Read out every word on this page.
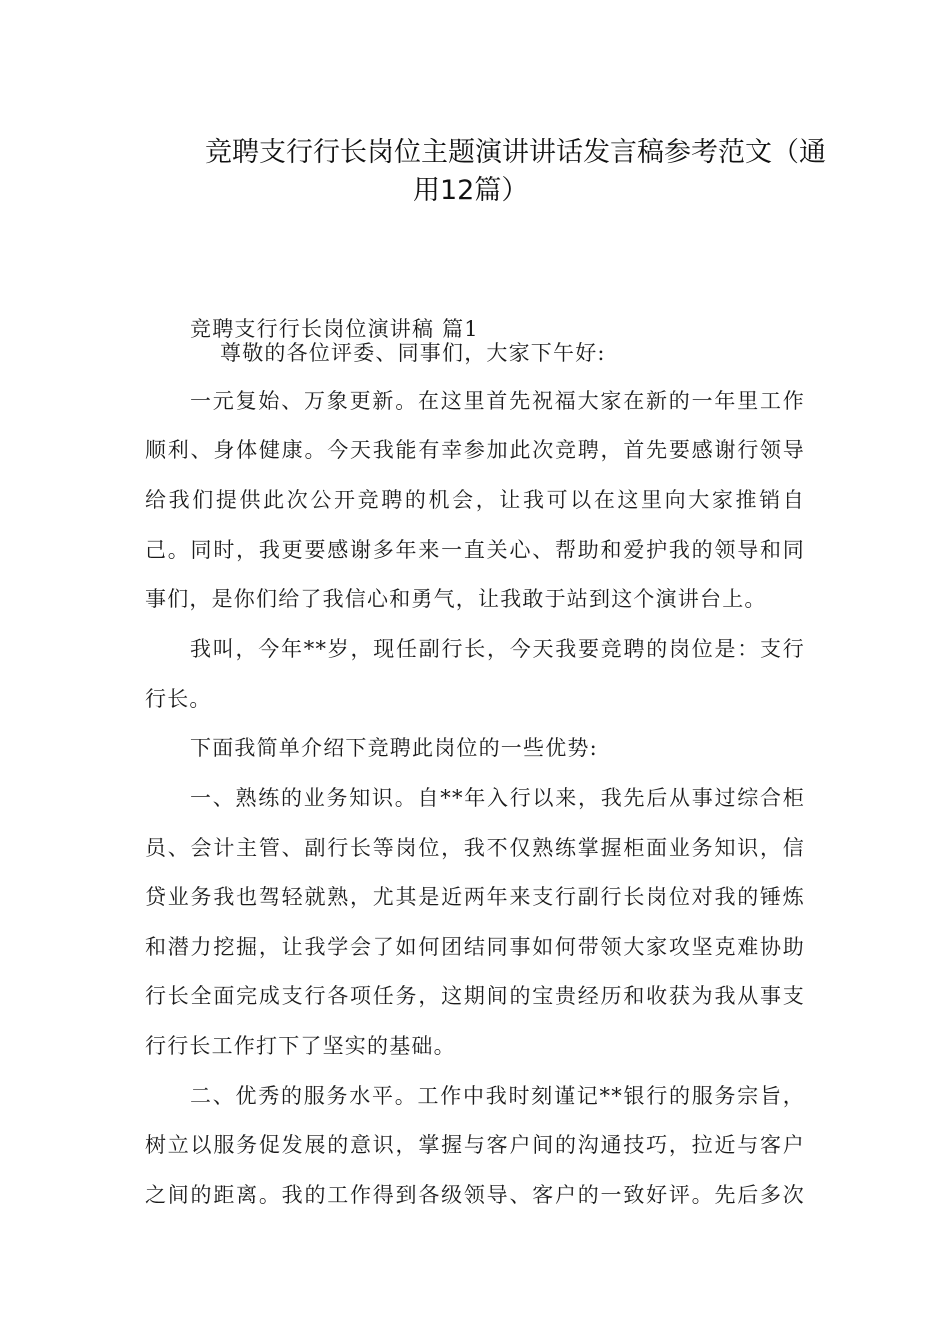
竞聘支行行长岗位主题演讲讲话发言稿参考范文（通
用12篇）
竞聘支行行长岗位演讲稿 篇1
尊敬的各位评委、同事们，大家下午好:
一元复始、万象更新。在这里首先祝福大家在新的一年里工作
顺利、身体健康。今天我能有幸参加此次竞聘，首先要感谢行领导
给我们提供此次公开竞聘的机会，让我可以在这里向大家推销自
己。同时，我更要感谢多年来一直关心、帮助和爱护我的领导和同
事们，是你们给了我信心和勇气，让我敢于站到这个演讲台上。
我叫，今年**岁，现任副行长，今天我要竞聘的岗位是：支行
行长。
下面我简单介绍下竞聘此岗位的一些优势:
一、熟练的业务知识。自**年入行以来，我先后从事过综合柜
员、会计主管、副行长等岗位，我不仅熟练掌握柜面业务知识，信
贷业务我也驾轻就熟，尤其是近两年来支行副行长岗位对我的锤炼
和潜力挖掘，让我学会了如何团结同事如何带领大家攻坚克难协助
行长全面完成支行各项任务，这期间的宝贵经历和收获为我从事支
行行长工作打下了坚实的基础。
二、优秀的服务水平。工作中我时刻谨记**银行的服务宗旨，
树立以服务促发展的意识，掌握与客户间的沟通技巧，拉近与客户
之间的距离。我的工作得到各级领导、客户的一致好评。先后多次
